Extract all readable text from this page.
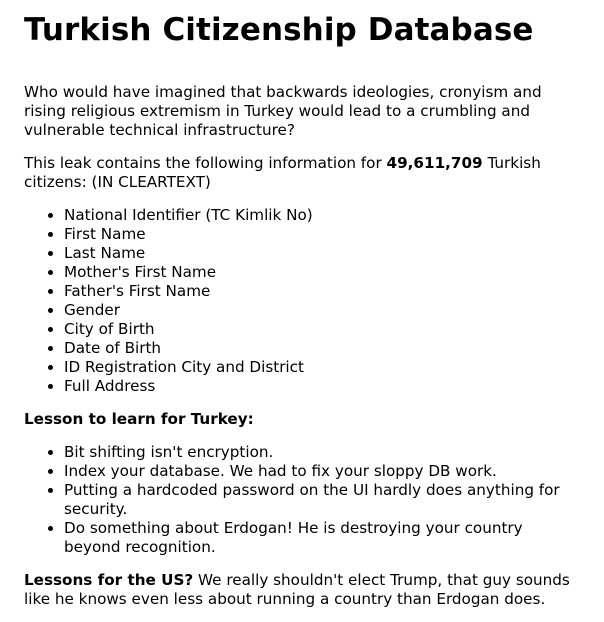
Turkish Citizenship Database

Who would have imagined that backwards ideologies, cronyism and rising religious extremism in Turkey would lead to a crumbling and vulnerable technical infrastructure?

This leak contains the following information for 49,611,709 Turkish citizens: (IN CLEARTEXT)

National Identifier (TC Kimlik No)
First Name
Last Name
Mother's First Name
Father's First Name
Gender
City of Birth
Date of Birth
ID Registration City and District
Full Address

Lesson to learn for Turkey:

Bit shifting isn't encryption.
Index your database. We had to fix your sloppy DB work.
Putting a hardcoded password on the UI hardly does anything for security.
Do something about Erdogan! He is destroying your country beyond recognition.

Lessons for the US? We really shouldn't elect Trump, that guy sounds like he knows even less about running a country than Erdogan does.
